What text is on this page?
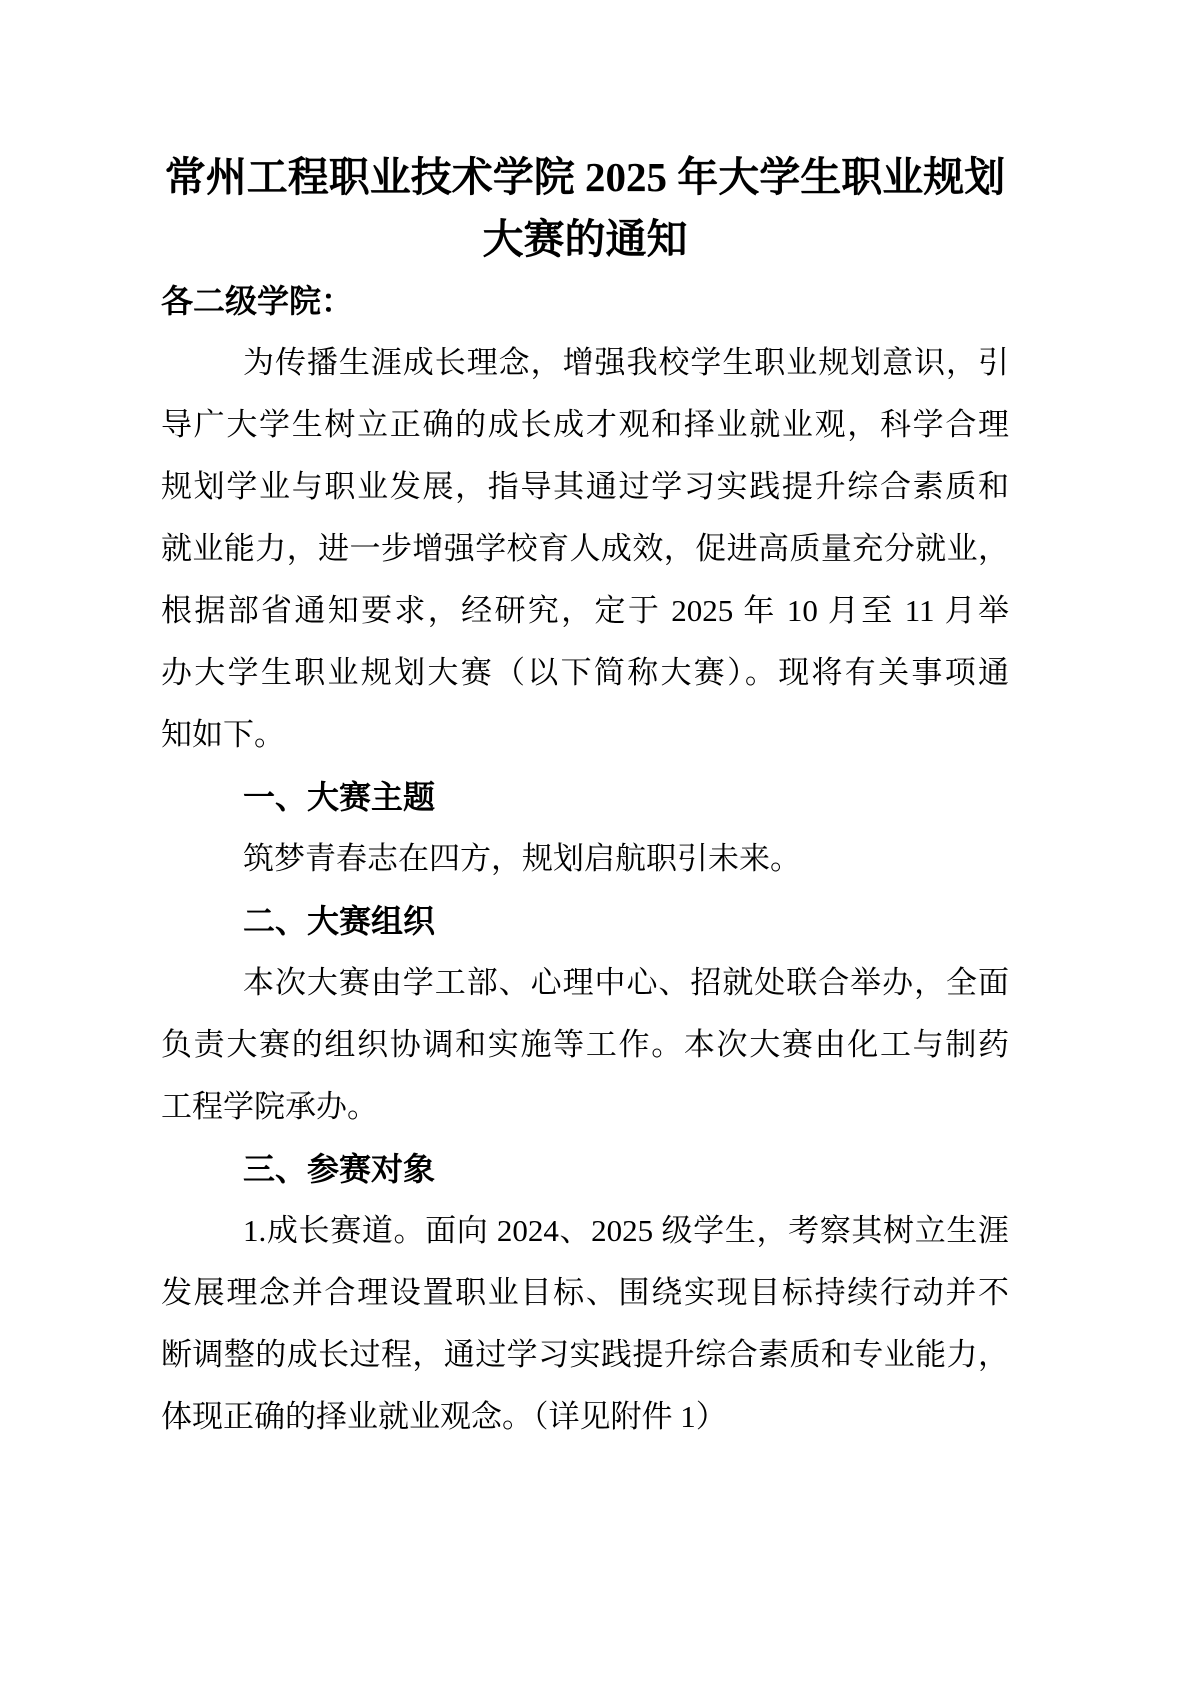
常州工程职业技术学院 2025 年大学生职业规划
大赛的通知
各二级学院：
为传播生涯成长理念，增强我校学生职业规划意识，引
导广大学生树立正确的成长成才观和择业就业观，科学合理
规划学业与职业发展，指导其通过学习实践提升综合素质和
就业能力，进一步增强学校育人成效，促进高质量充分就业，
根据部省通知要求，经研究，定于 2025 年 10 月至 11 月举
办大学生职业规划大赛（以下简称大赛）。现将有关事项通
知如下。
一、大赛主题
筑梦青春志在四方，规划启航职引未来。
二、大赛组织
本次大赛由学工部、心理中心、招就处联合举办，全面
负责大赛的组织协调和实施等工作。本次大赛由化工与制药
工程学院承办。
三、参赛对象
1.成长赛道。面向 2024、2025 级学生，考察其树立生涯
发展理念并合理设置职业目标、围绕实现目标持续行动并不
断调整的成长过程，通过学习实践提升综合素质和专业能力，
体现正确的择业就业观念。（详见附件 1）
